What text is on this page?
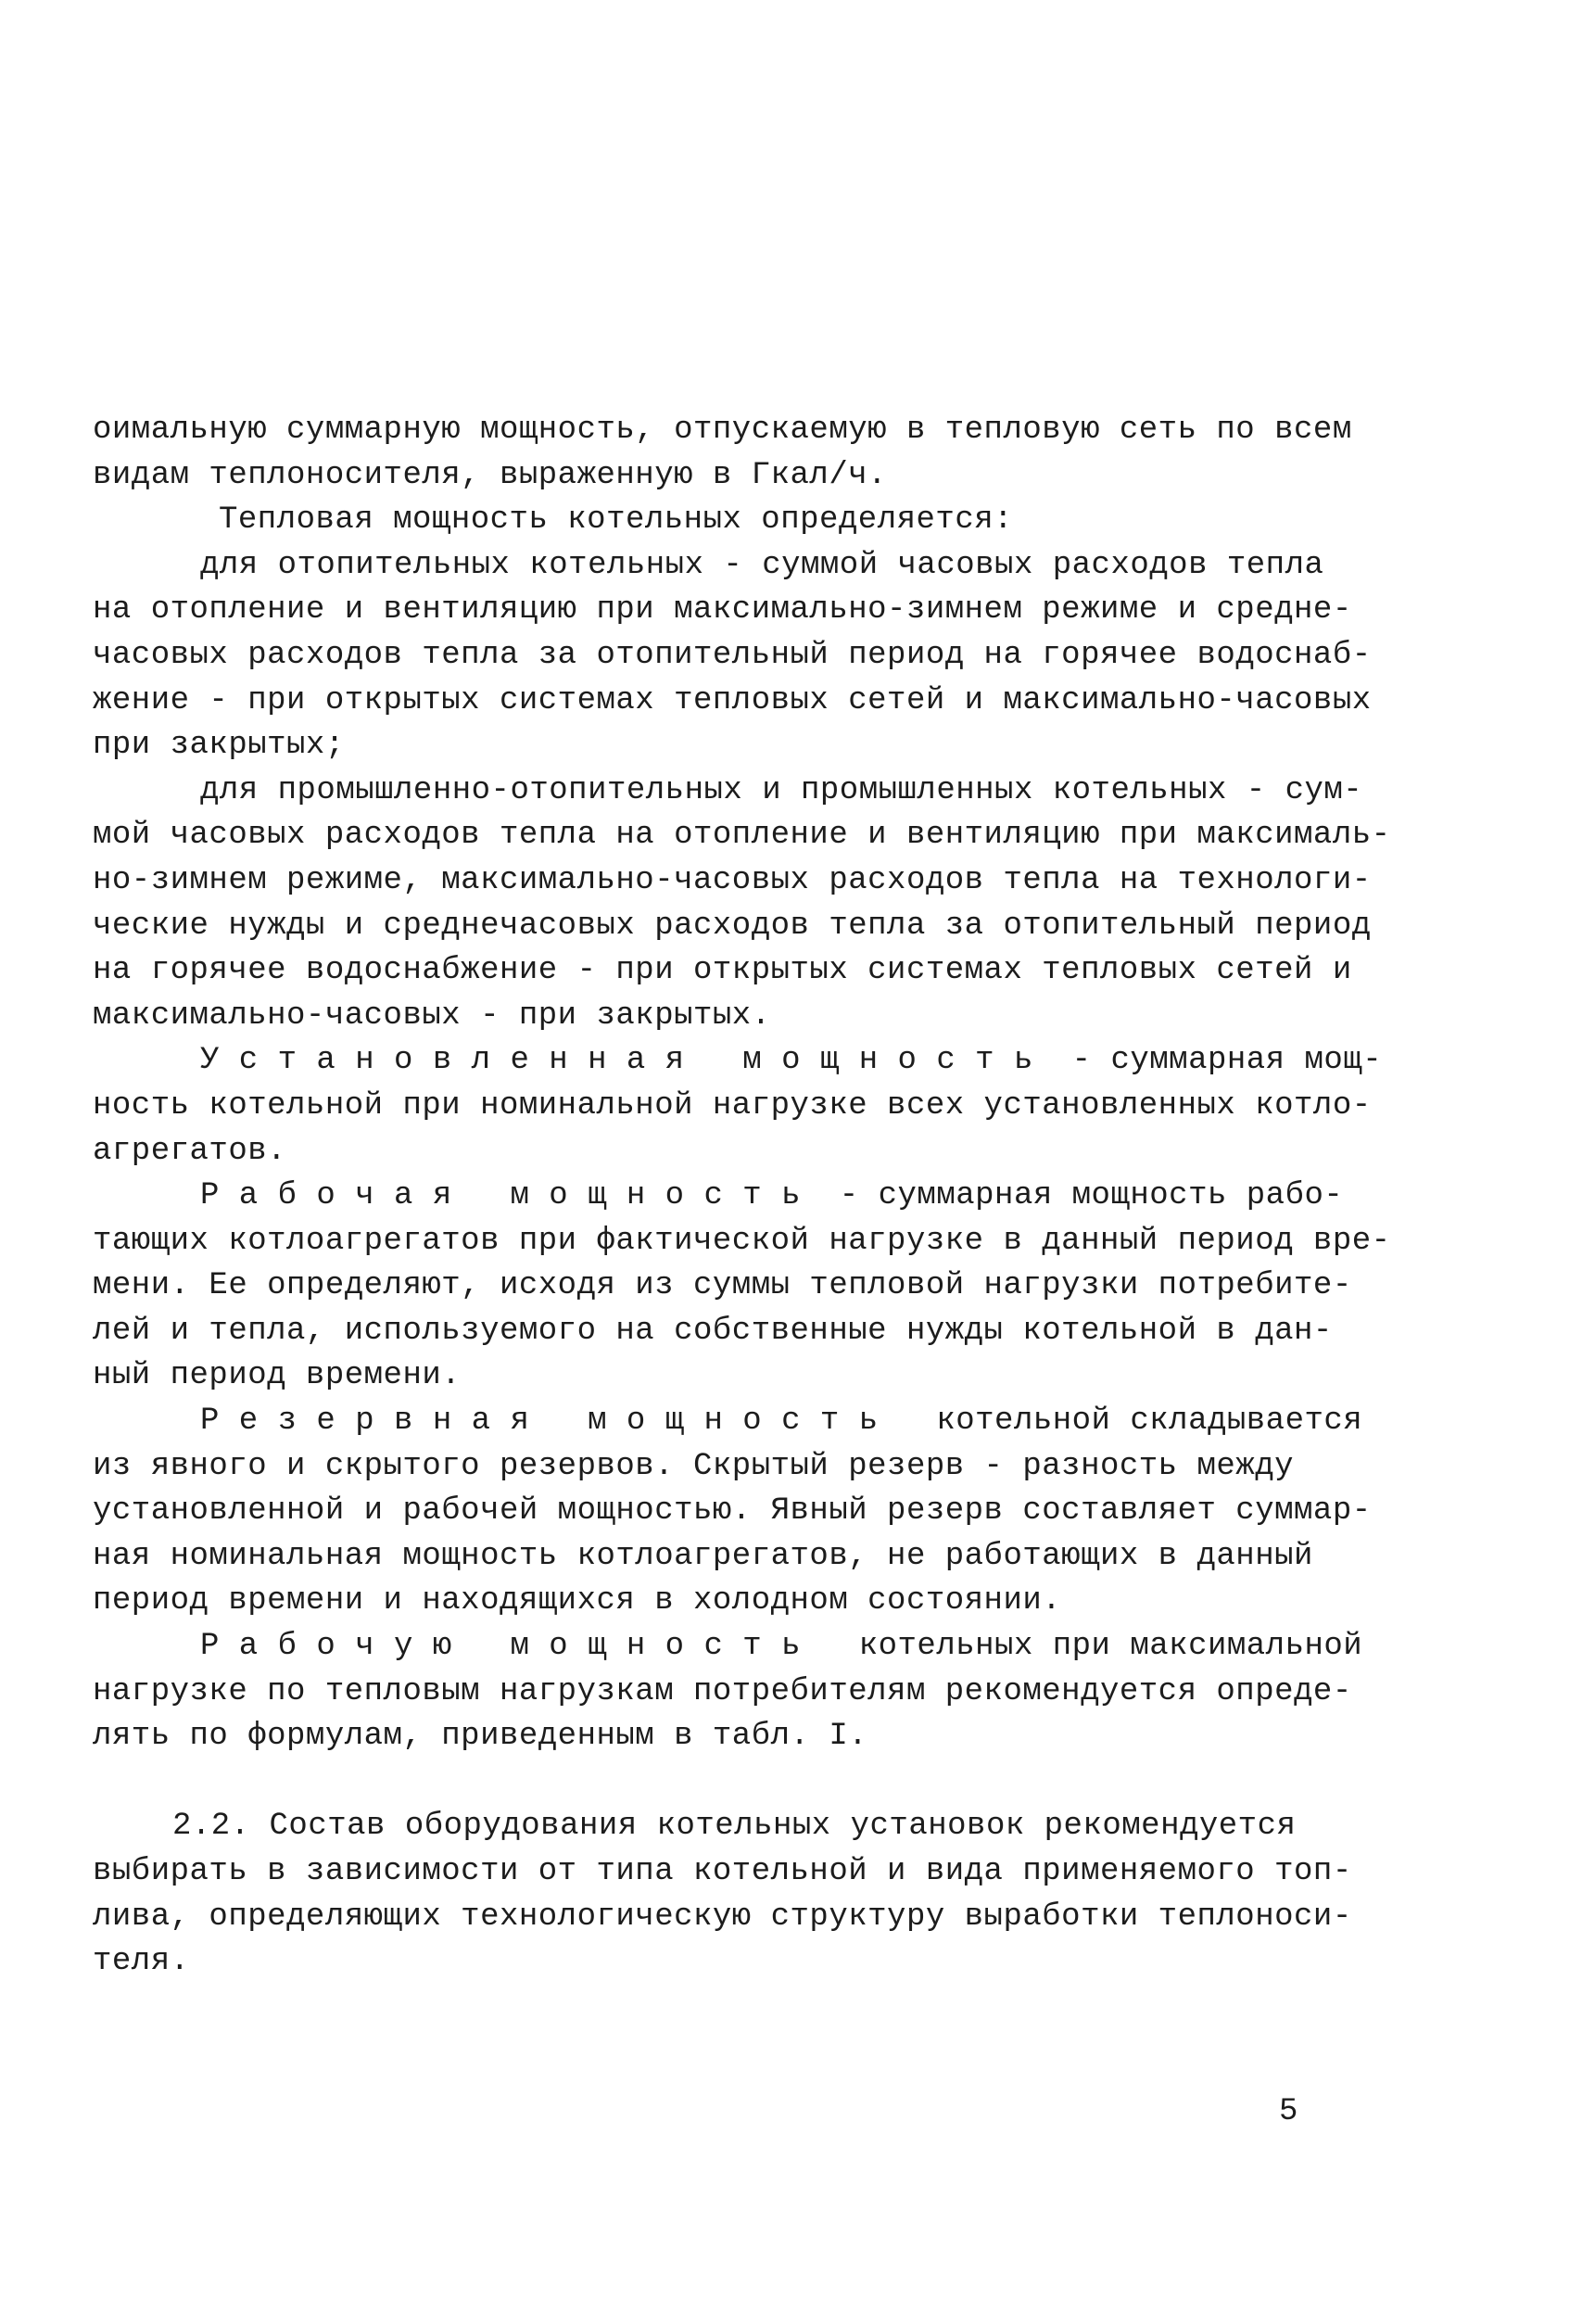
оимальную суммарную мощность, отпускаемую в тепловую сеть по всем
видам теплоносителя, выраженную в Гкал/ч.
Тепловая мощность котельных определяется:
для отопительных котельных - суммой часовых расходов тепла
на отопление и вентиляцию при максимально-зимнем режиме и средне-
часовых расходов тепла за отопительный период на горячее водоснаб-
жение - при открытых системах тепловых сетей и максимально-часовых
при закрытых;
для промышленно-отопительных и промышленных котельных - сум-
мой часовых расходов тепла на отопление и вентиляцию при максималь-
но-зимнем режиме, максимально-часовых расходов тепла на технологи-
ческие нужды и среднечасовых расходов тепла за отопительный период
на горячее водоснабжение - при открытых системах тепловых сетей и
максимально-часовых - при закрытых.
У с т а н о в л е н н а я   м о щ н о с т ь  - суммарная мощ-
ность котельной при номинальной нагрузке всех установленных котло-
агрегатов.
Р а б о ч а я   м о щ н о с т ь  - суммарная мощность рабо-
тающих котлоагрегатов при фактической нагрузке в данный период вре-
мени. Ее определяют, исходя из суммы тепловой нагрузки потребите-
лей и тепла, используемого на собственные нужды котельной в дан-
ный период времени.
Р е з е р в н а я   м о щ н о с т ь   котельной складывается
из явного и скрытого резервов. Скрытый резерв - разность между
установленной и рабочей мощностью. Явный резерв составляет суммар-
ная номинальная мощность котлоагрегатов, не работающих в данный
период времени и находящихся в холодном состоянии.
Р а б о ч у ю   м о щ н о с т ь   котельных при максимальной
нагрузке по тепловым нагрузкам потребителям рекомендуется опреде-
лять по формулам, приведенным в табл. I.
2.2. Состав оборудования котельных установок рекомендуется
выбирать в зависимости от типа котельной и вида применяемого топ-
лива, определяющих технологическую структуру выработки теплоноси-
теля.
5
